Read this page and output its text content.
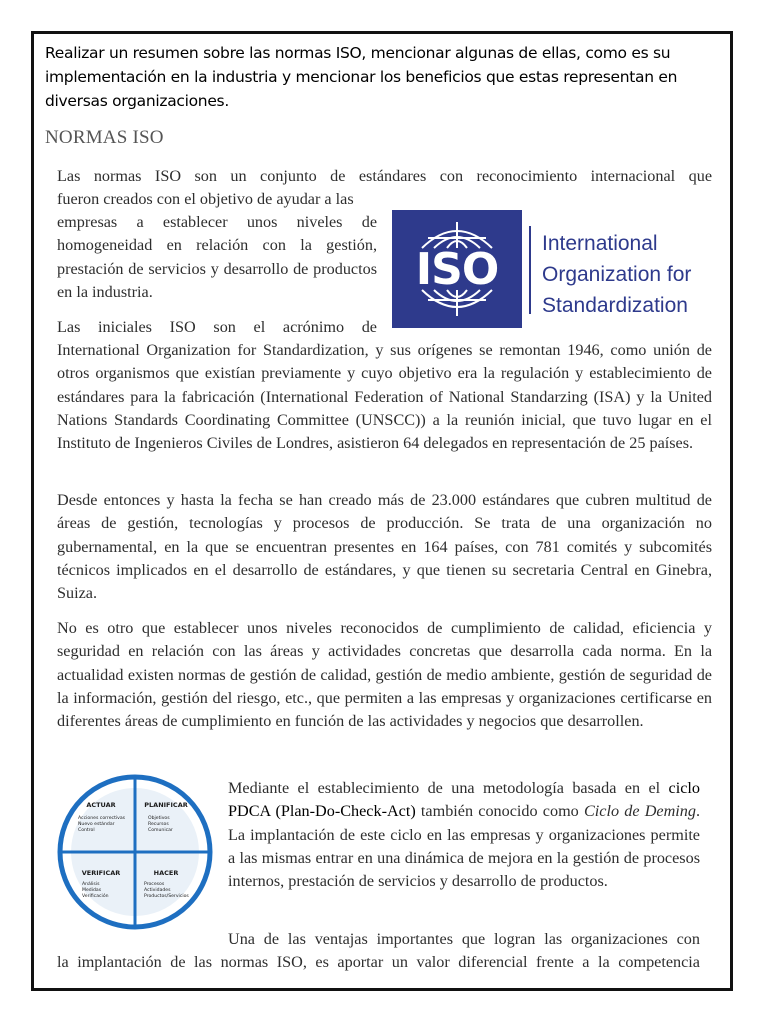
Realizar un resumen sobre las normas ISO, mencionar algunas de ellas, como es su implementación en la industria y mencionar los beneficios que estas representan en diversas organizaciones.
NORMAS ISO
Las normas ISO son un conjunto de estándares con reconocimiento internacional que
fueron creados con el objetivo de ayudar a las
empresas a establecer unos niveles de homogeneidad en relación con la gestión, prestación de servicios y desarrollo de productos en la industria.	ISO
International
Organization for
Standardization
Las iniciales ISO son el acrónimo de
International Organization for Standardization, y sus orígenes se remontan 1946, como unión de otros organismos que existían previamente y cuyo objetivo era la regulación y establecimiento de estándares para la fabricación (International Federation of National Standarzing (ISA) y la United Nations Standards Coordinating Committee (UNSCC)) a la reunión inicial, que tuvo lugar en el Instituto de Ingenieros Civiles de Londres, asistieron 64 delegados en representación de 25 países.
Desde entonces y hasta la fecha se han creado más de 23.000 estándares que cubren multitud de áreas de gestión, tecnologías y procesos de producción. Se trata de una organización no gubernamental, en la que se encuentran presentes en 164 países, con 781 comités y subcomités técnicos implicados en el desarrollo de estándares, y que tienen su secretaria Central en Ginebra, Suiza.
No es otro que establecer unos niveles reconocidos de cumplimiento de calidad, eficiencia y seguridad en relación con las áreas y actividades concretas que desarrolla cada norma. En la actualidad existen normas de gestión de calidad, gestión de medio ambiente, gestión de seguridad de la información, gestión del riesgo, etc., que permiten a las empresas y organizaciones certificarse en diferentes áreas de cumplimiento en función de las actividades y negocios que desarrollen.
ACTUAR
Acciones correctivas
Nuevo estándar
Control
PLANIFICAR
Objetivos
Recursos
Comunicar
VERIFICAR
Análisis
Medidas
Verificación
HACER
Procesos
Actividades
Productos/Servicios
Mediante el establecimiento de una metodología basada en el ciclo PDCA (Plan-Do-Check-Act) también conocido como Ciclo de Deming. La implantación de este ciclo en las empresas y organizaciones permite a las mismas entrar en una dinámica de mejora en la gestión de procesos internos, prestación de servicios y desarrollo de productos.
Una de las ventajas importantes que logran las organizaciones con
la implantación de las normas ISO, es aportar un valor diferencial frente a la competencia
